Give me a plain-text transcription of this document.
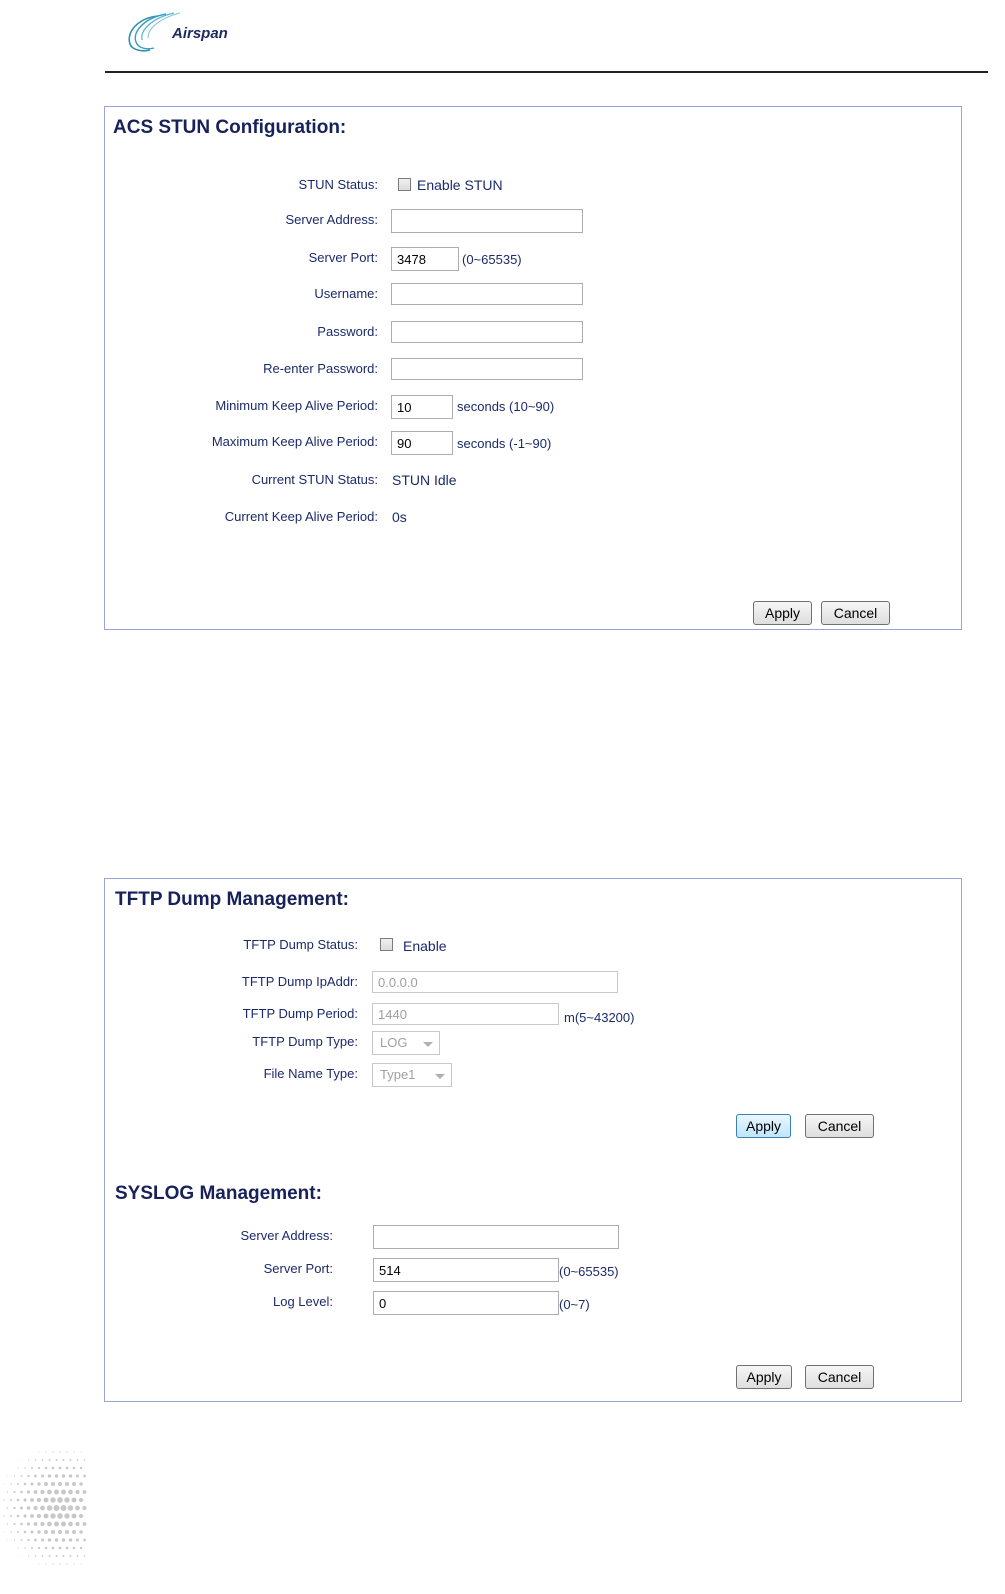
Airspan
ACS STUN Configuration:
STUN Status:	Enable STUN
Server Address:
Server Port:
3478	(0~65535)
Username:
Password:
Re-enter Password:
Minimum Keep Alive Period:
10	seconds (10~90)
Maximum Keep Alive Period:
90	seconds (-1~90)
Current STUN Status: STUN Idle
Current Keep Alive Period: 0s
Apply	Cancel
TFTP Dump Management:
TFTP Dump Status:	Enable
TFTP Dump IpAddr:
0.0.0.0
TFTP Dump Period:
1440	m(5~43200)
TFTP Dump Type:	LOG
File Name Type:	Type1
Apply	Cancel
SYSLOG Management:
Server Address:
Server Port:
514	(0~65535)
Log Level:
0	(0~7)
Apply	Cancel
